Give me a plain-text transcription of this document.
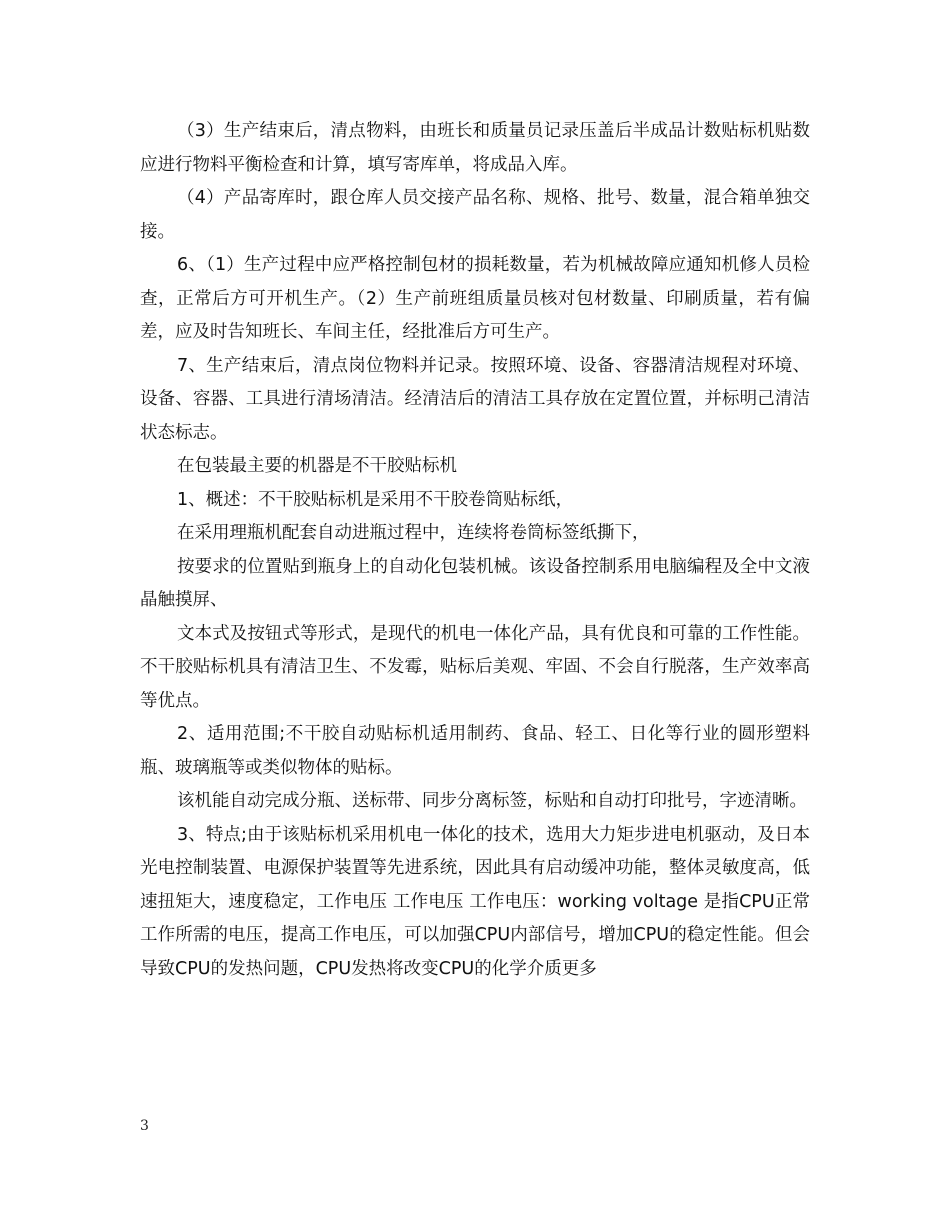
（3）生产结束后，清点物料，由班长和质量员记录压盖后半成品计数贴标机贴数应进行物料平衡检查和计算，填写寄库单，将成品入库。

（4）产品寄库时，跟仓库人员交接产品名称、规格、批号、数量，混合箱单独交接。

6、（1）生产过程中应严格控制包材的损耗数量，若为机械故障应通知机修人员检查，正常后方可开机生产。（2）生产前班组质量员核对包材数量、印刷质量，若有偏差，应及时告知班长、车间主任，经批准后方可生产。

7、生产结束后，清点岗位物料并记录。按照环境、设备、容器清洁规程对环境、设备、容器、工具进行清场清洁。经清洁后的清洁工具存放在定置位置，并标明己清洁状态标志。

在包装最主要的机器是不干胶贴标机

1、概述：不干胶贴标机是采用不干胶卷筒贴标纸，

在采用理瓶机配套自动进瓶过程中，连续将卷筒标签纸撕下，

按要求的位置贴到瓶身上的自动化包装机械。该设备控制系用电脑编程及全中文液晶触摸屏、

文本式及按钮式等形式，是现代的机电一体化产品，具有优良和可靠的工作性能。不干胶贴标机具有清洁卫生、不发霉，贴标后美观、牢固、不会自行脱落，生产效率高等优点。

2、适用范围;不干胶自动贴标机适用制药、食品、轻工、日化等行业的圆形塑料瓶、玻璃瓶等或类似物体的贴标。

该机能自动完成分瓶、送标带、同步分离标签，标贴和自动打印批号，字迹清晰。

3、特点;由于该贴标机采用机电一体化的技术，选用大力矩步进电机驱动，及日本光电控制装置、电源保护装置等先进系统，因此具有启动缓冲功能，整体灵敏度高，低速扭矩大，速度稳定，工作电压 工作电压 工作电压：working voltage 是指CPU正常工作所需的电压，提高工作电压，可以加强CPU内部信号，增加CPU的稳定性能。但会导致CPU的发热问题，CPU发热将改变CPU的化学介质更多

3
